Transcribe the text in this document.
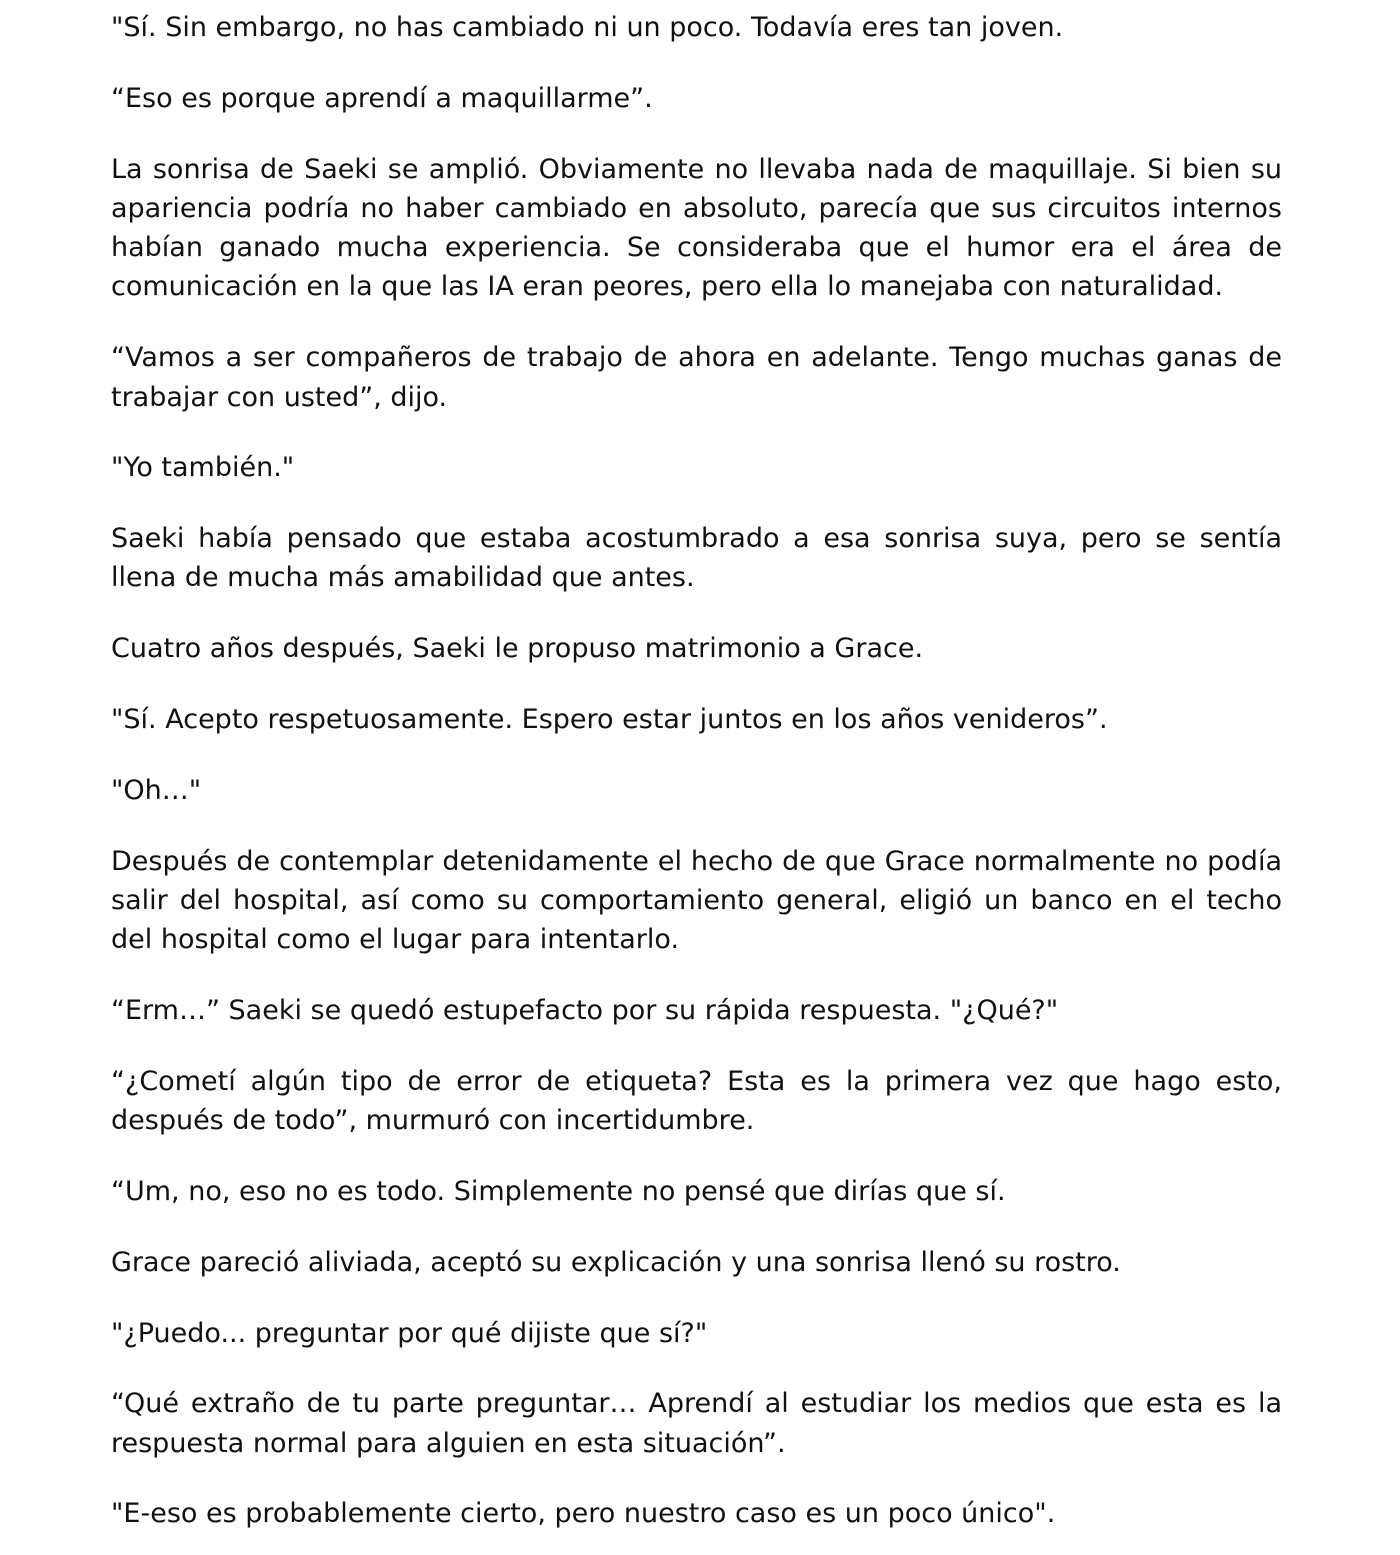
"Sí. Sin embargo, no has cambiado ni un poco. Todavía eres tan joven.

“Eso es porque aprendí a maquillarme”.

La sonrisa de Saeki se amplió. Obviamente no llevaba nada de maquillaje. Si bien su apariencia podría no haber cambiado en absoluto, parecía que sus circuitos internos habían ganado mucha experiencia. Se consideraba que el humor era el área de comunicación en la que las IA eran peores, pero ella lo manejaba con naturalidad.

“Vamos a ser compañeros de trabajo de ahora en adelante. Tengo muchas ganas de trabajar con usted”, dijo.

"Yo también."

Saeki había pensado que estaba acostumbrado a esa sonrisa suya, pero se sentía llena de mucha más amabilidad que antes.

Cuatro años después, Saeki le propuso matrimonio a Grace.

"Sí. Acepto respetuosamente. Espero estar juntos en los años venideros”.

"Oh…"

Después de contemplar detenidamente el hecho de que Grace normalmente no podía salir del hospital, así como su comportamiento general, eligió un banco en el techo del hospital como el lugar para intentarlo.

“Erm…” Saeki se quedó estupefacto por su rápida respuesta. "¿Qué?"

“¿Cometí algún tipo de error de etiqueta? Esta es la primera vez que hago esto, después de todo”, murmuró con incertidumbre.

“Um, no, eso no es todo. Simplemente no pensé que dirías que sí.

Grace pareció aliviada, aceptó su explicación y una sonrisa llenó su rostro.

"¿Puedo... preguntar por qué dijiste que sí?"

“Qué extraño de tu parte preguntar… Aprendí al estudiar los medios que esta es la respuesta normal para alguien en esta situación”.

"E-eso es probablemente cierto, pero nuestro caso es un poco único".
